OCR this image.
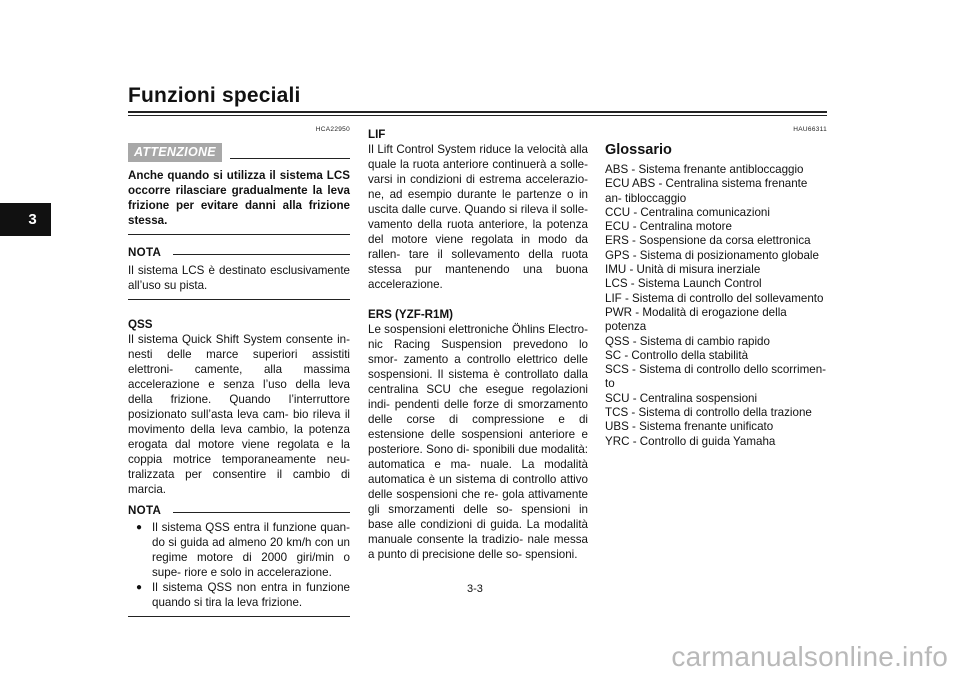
Funzioni speciali
3
HCA22950
ATTENZIONE

Anche quando si utilizza il sistema LCS occorre rilasciare gradualmente la leva frizione per evitare danni alla frizione stessa.

NOTA

Il sistema LCS è destinato esclusivamente all’uso su pista.

QSS

Il sistema Quick Shift System consente in- nesti delle marce superiori assistiti elettroni- camente, alla massima accelerazione e senza l’uso della leva della frizione. Quando l’interruttore posizionato sull’asta leva cam- bio rileva il movimento della leva cambio, la potenza erogata dal motore viene regolata e la coppia motrice temporaneamente neu- tralizzata per consentire il cambio di marcia.

NOTA
● Il sistema QSS entra il funzione quan- do si guida ad almeno 20 km/h con un regime motore di 2000 giri/min o supe- riore e solo in accelerazione.

● Il sistema QSS non entra in funzione quando si tira la leva frizione.

LIF

Il Lift Control System riduce la velocità alla quale la ruota anteriore continuerà a solle- varsi in condizioni di estrema accelerazio- ne, ad esempio durante le partenze o in uscita dalle curve. Quando si rileva il solle- vamento della ruota anteriore, la potenza del motore viene regolata in modo da rallen- tare il sollevamento della ruota stessa pur mantenendo una buona accelerazione.

ERS (YZF-R1M)

Le sospensioni elettroniche Öhlins Electro- nic Racing Suspension prevedono lo smor- zamento a controllo elettrico delle sospensioni. Il sistema è controllato dalla centralina SCU che esegue regolazioni indi- pendenti delle forze di smorzamento delle corse di compressione e di estensione delle sospensioni anteriore e posteriore. Sono di- sponibili due modalità: automatica e ma- nuale. La modalità automatica è un sistema di controllo attivo delle sospensioni che re- gola attivamente gli smorzamenti delle so- spensioni in base alle condizioni di guida. La modalità manuale consente la tradizio- nale messa a punto di precisione delle so- spensioni.

HAU66311
Glossario

ABS - Sistema frenante antibloccaggio

ECU ABS - Centralina sistema frenante an- tibloccaggio

CCU - Centralina comunicazioni

ECU - Centralina motore

ERS - Sospensione da corsa elettronica

GPS - Sistema di posizionamento globale

IMU - Unità di misura inerziale

LCS - Sistema Launch Control

LIF - Sistema di controllo del sollevamento

PWR - Modalità di erogazione della potenza

QSS - Sistema di cambio rapido

SC - Controllo della stabilità

SCS - Sistema di controllo dello scorrimen- to

SCU - Centralina sospensioni

TCS - Sistema di controllo della trazione

UBS - Sistema frenante unificato

YRC - Controllo di guida Yamaha

3-3
carmanualsonline.info
